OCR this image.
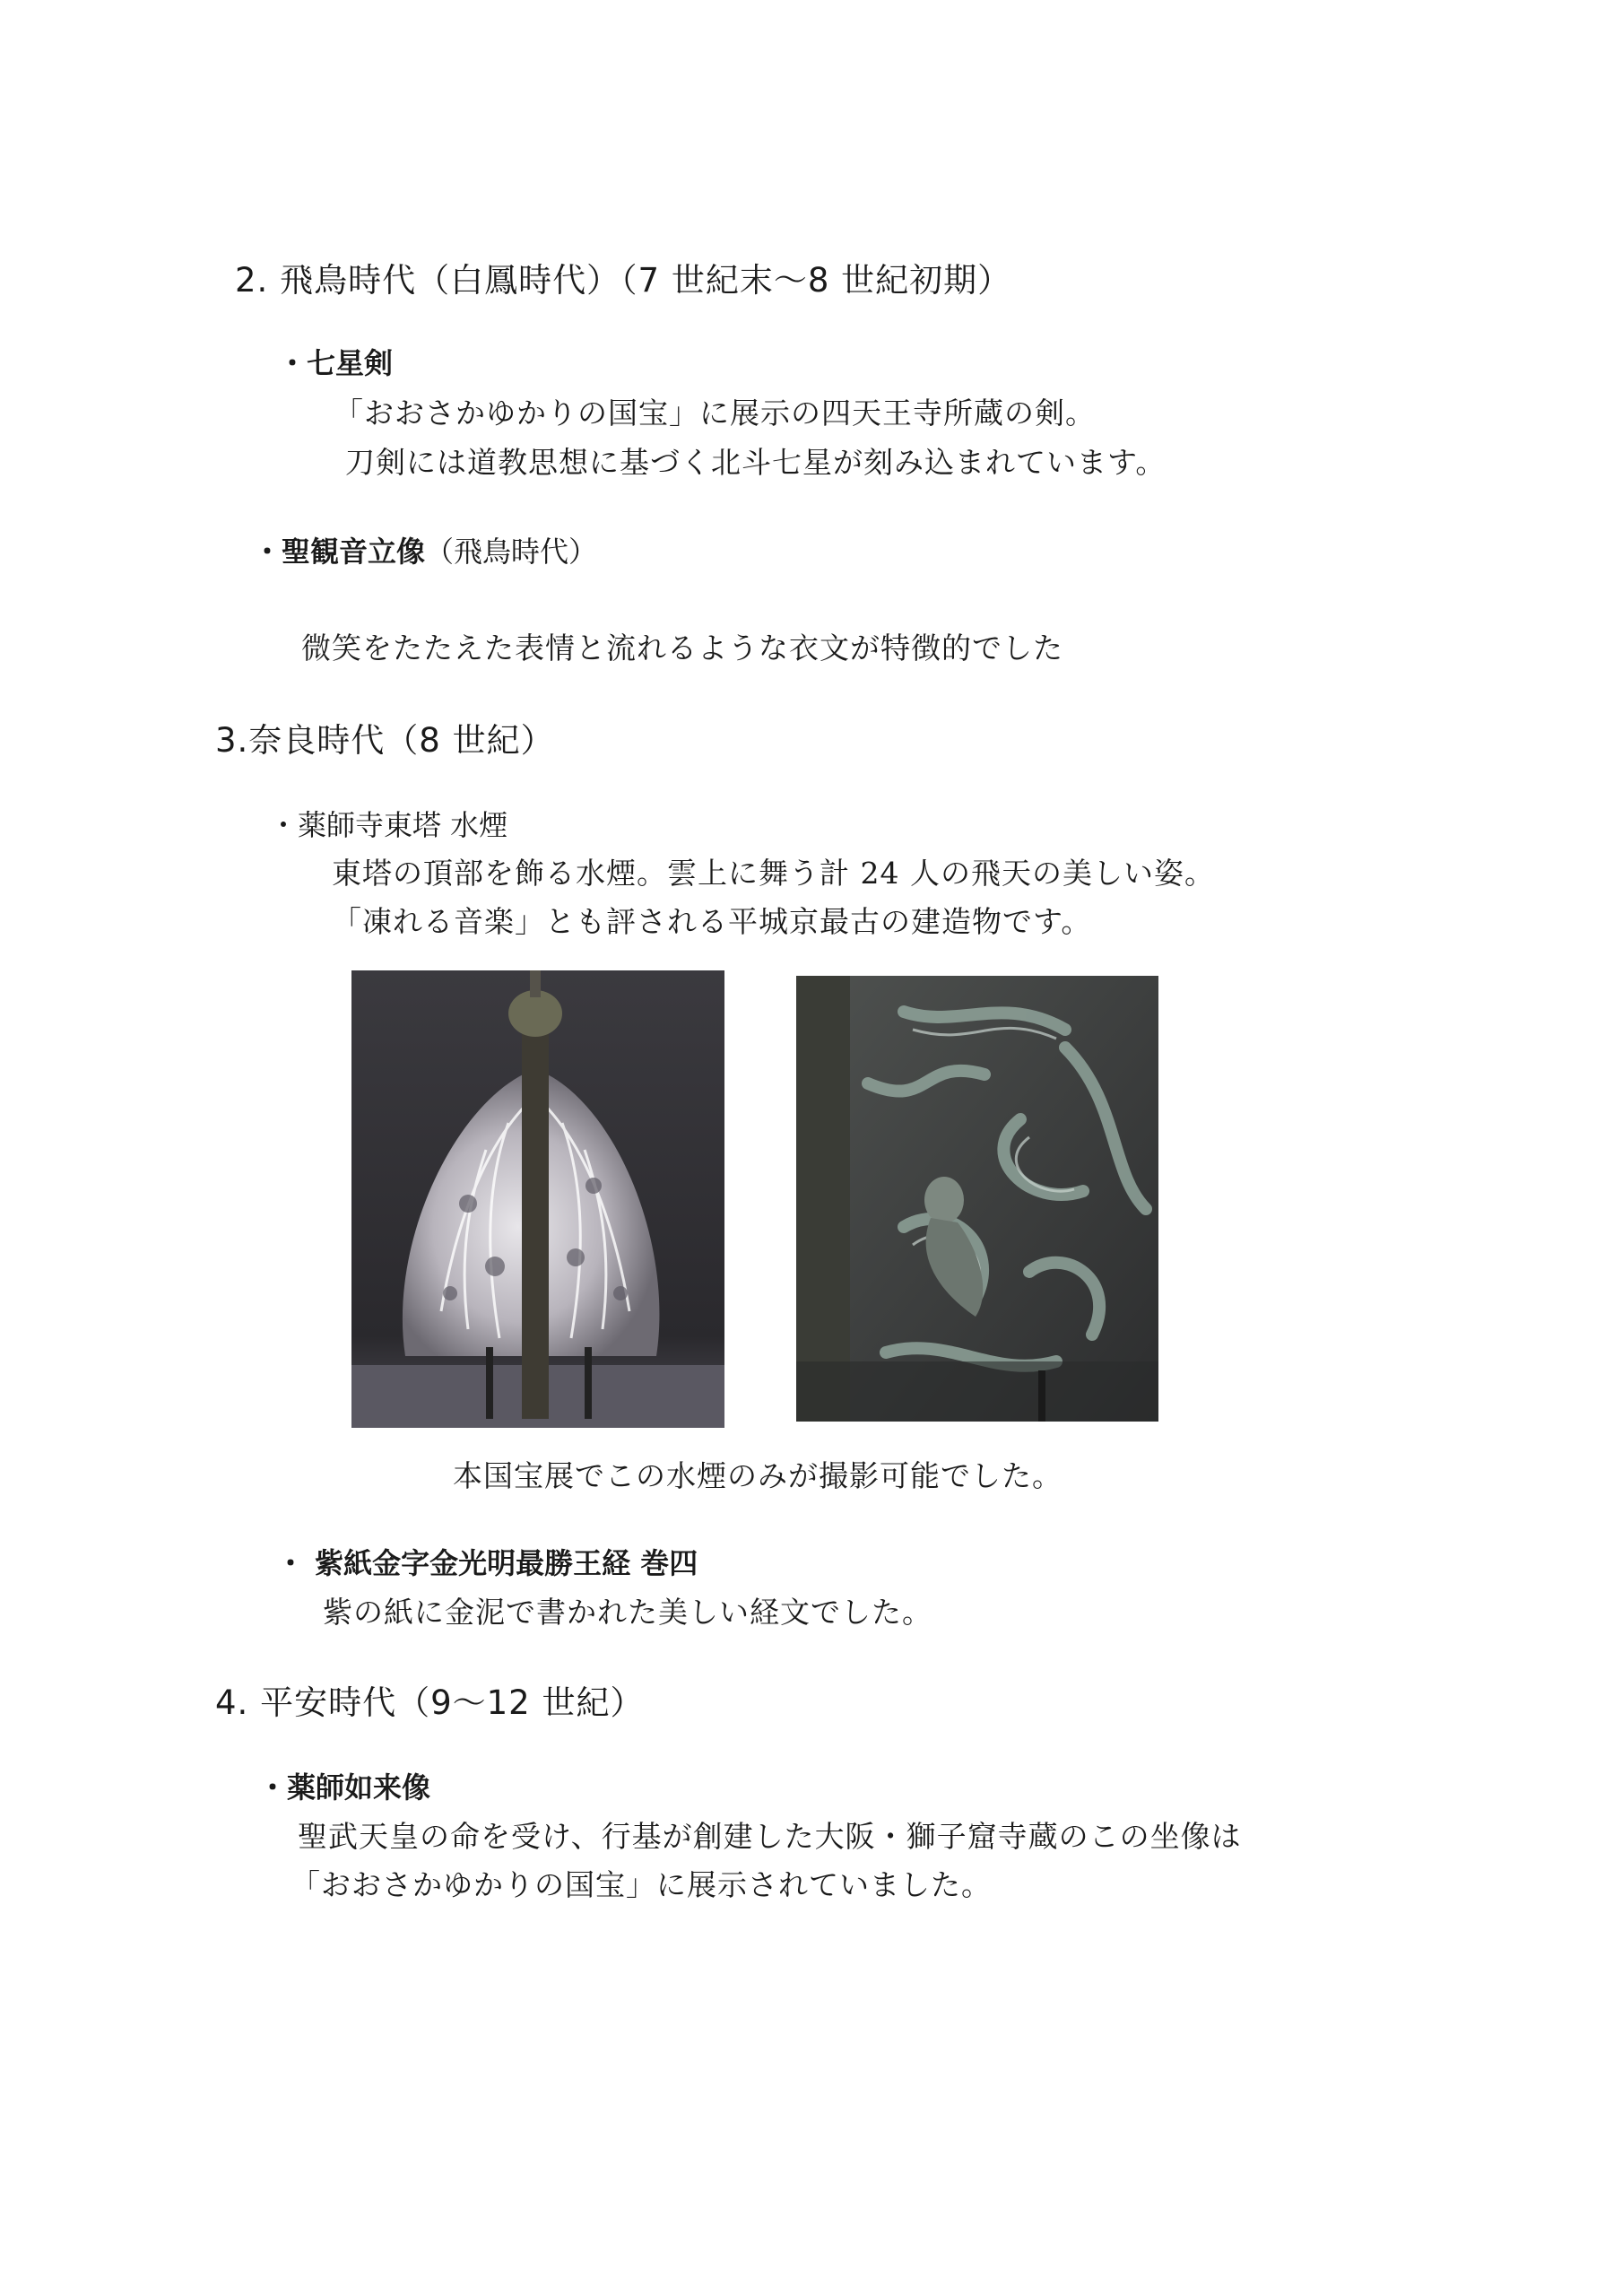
2. 飛鳥時代（白鳳時代）（7 世紀末～8 世紀初期）
・七星剣
「おおさかゆかりの国宝」に展示の四天王寺所蔵の剣。
刀剣には道教思想に基づく北斗七星が刻み込まれています。
・聖観音立像（飛鳥時代）
微笑をたたえた表情と流れるような衣文が特徴的でした
3.奈良時代（8 世紀）
・薬師寺東塔 水煙
東塔の頂部を飾る水煙。雲上に舞う計 24 人の飛天の美しい姿。
「凍れる音楽」とも評される平城京最古の建造物です。
本国宝展でこの水煙のみが撮影可能でした。
・ 紫紙金字金光明最勝王経 巻四
紫の紙に金泥で書かれた美しい経文でした。
4. 平安時代（9～12 世紀）
・薬師如来像
聖武天皇の命を受け、行基が創建した大阪・獅子窟寺蔵のこの坐像は
「おおさかゆかりの国宝」に展示されていました。
